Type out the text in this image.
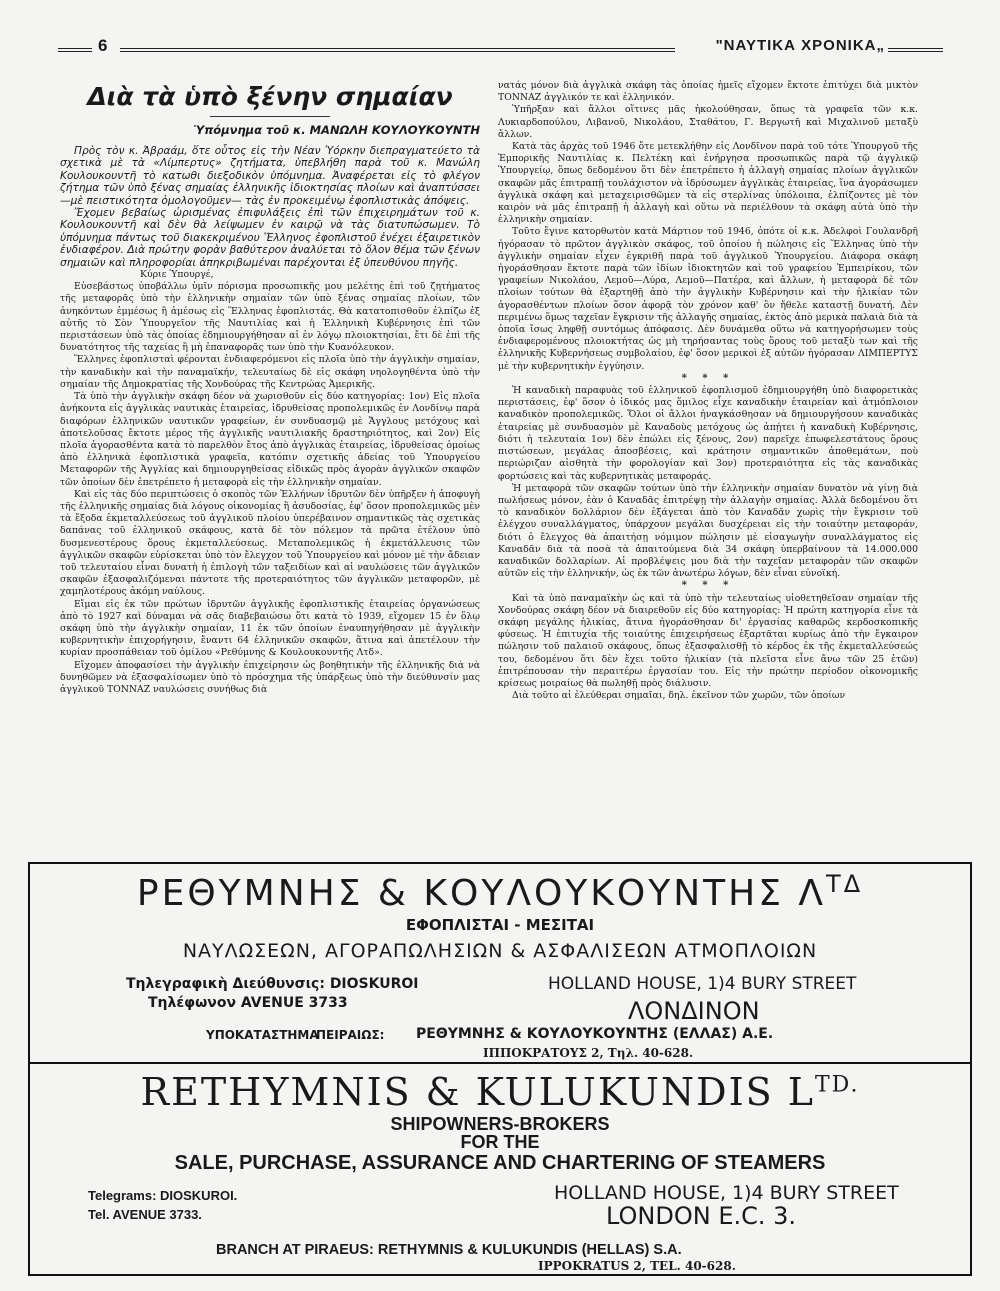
6	"ΝΑΥΤΙΚΑ ΧΡΟΝΙΚΑ„
Διὰ τὰ ὑπὸ ξένην σημαίαν
Ὑπόμνημα τοῦ κ. ΜΑΝΩΛΗ ΚΟΥΛΟΥΚΟΥΝΤΗ

Πρὸς τὸν κ. Ἀβραάμ, ὅτε οὗτος εἰς τὴν Νέαν Ὑόρκην διεπραγματεύετο τὰ σχετικὰ μὲ τὰ «Λίμπερτυς» ζητήματα, ὑπεβλήθη παρὰ τοῦ κ. Μανώλη Κουλουκουντῆ τὸ κατωθι διεξοδικὸν ὑπόμνημα. Ἀναφέρεται εἰς τὸ φλέγον ζήτημα τῶν ὑπὸ ξένας σημαίας ἑλληνικῆς ἰδιοκτησίας πλοίων καὶ ἀναπτύσσει —μὲ πειστικότητα ὁμολογοῦμεν— τὰς ἐν προκειμένῳ ἐφοπλιστικὰς ἀπόψεις.

Ἔχομεν βεβαίως ὡρισμένας ἐπιφυλάξεις ἐπὶ τῶν ἐπιχειρημάτων τοῦ κ. Κουλουκουντῆ καὶ δὲν θὰ λείψωμεν ἐν καιρῷ νὰ τὰς διατυπώσωμεν. Τὸ ὑπόμνημα πάντως τοῦ διακεκριμένου Ἕλληνος ἐφοπλιστοῦ ἐνέχει ἐξαιρετικὸν ἐνδιαφέρον. Διὰ πρώτην φορὰν βαθύτερον ἀναλύεται τὸ ὅλον θέμα τῶν ξένων σημαιῶν καὶ πληροφορίαι ἀπηκριβωμέναι παρέχονται ἐξ ὑπευθύνου πηγῆς.

Κύριε Ὑπουργέ,

Εὐσεβάστως ὑποβάλλω ὑμῖν πόρισμα προσωπικῆς μου μελέτης ἐπὶ τοῦ ζητήματος τῆς μεταφορᾶς ὑπὸ τὴν ἑλληνικὴν σημαίαν τῶν ὑπὸ ξένας σημαίας πλοίων, τῶν ἀνηκόντων ἐμμέσως ἢ ἀμέσως εἰς Ἕλληνας ἐφοπλιστάς. Θὰ κατατοπισθοῦν ἐλπίζω ἐξ αὐτῆς τὸ Σὸν Ὑπουργεῖον τῆς Ναυτιλίας καὶ ἡ Ἑλληνικὴ Κυβέρνησις ἐπὶ τῶν περιστάσεων ὑπὸ τὰς ὁποίας ἐδημιουργήθησαν αἱ ἐν λόγῳ πλοιοκτησίαι, ἔτι δὲ ἐπὶ τῆς δυνατότητος τῆς ταχείας ἢ μὴ ἐπαναφορᾶς των ὑπὸ τὴν Κυανόλευκον.

Ἕλληνες ἐφοπλισταὶ φέρονται ἐνδιαφερόμενοι εἰς πλοῖα ὑπὸ τὴν ἀγγλικὴν σημαίαν, τὴν καναδικὴν καὶ τὴν παναμαϊκήν, τελευταίως δὲ εἰς σκάφη νηολογηθέντα ὑπὸ τὴν σημαίαν τῆς Δημοκρατίας τῆς Χονδούρας τῆς Κεντρώας Ἀμερικῆς.

Τὰ ὑπὸ τὴν ἀγγλικὴν σκάφη δέον νὰ χωρισθοῦν εἰς δύο κατηγορίας: 1ον) Εἰς πλοῖα ἀνήκοντα εἰς ἀγγλικὰς ναυτικὰς ἑταιρείας, ἱδρυθείσας προπολεμικῶς ἐν Λονδίνῳ παρὰ διαφόρων ἑλληνικῶν ναυτικῶν γραφείων, ἐν συνδυασμῷ μὲ Ἄγγλους μετόχους καὶ ἀποτελοῦσας ἔκτοτε μέρος τῆς ἀγγλικῆς ναυτιλιακῆς δραστηριότητος, καὶ 2ον) Εἰς πλοῖα ἀγορασθέντα κατὰ τὸ παρελθὸν ἔτος ἀπὸ ἀγγλικὰς ἑταιρείας, ἱδρυθείσας ὁμοίως ἀπὸ ἑλληνικὰ ἐφοπλιστικὰ γραφεῖα, κατόπιν σχετικῆς ἀδείας τοῦ Ὑπουργείου Μεταφορῶν τῆς Ἀγγλίας καὶ δημιουργηθείσας εἰδικῶς πρὸς ἀγορὰν ἀγγλικῶν σκαφῶν τῶν ὁποίων δὲν ἐπετρέπετο ἡ μεταφορὰ εἰς τὴν ἑλληνικὴν σημαίαν.

Καὶ εἰς τὰς δύο περιπτώσεις ὁ σκοπὸς τῶν Ἑλλήνων ἱδρυτῶν δὲν ὑπῆρξεν ἡ ἀποφυγὴ τῆς ἑλληνικῆς σημαίας διὰ λόγους οἰκονομίας ἢ ἀσυδοσίας, ἐφ' ὅσον προπολεμικῶς μὲν τὰ ἔξοδα ἐκμεταλλεύσεως τοῦ ἀγγλικοῦ πλοίου ὑπερέβαινον σημαντικῶς τὰς σχετικὰς δαπάνας τοῦ ἑλληνικοῦ σκάφους, κατὰ δὲ τὸν πόλεμον τὰ πρῶτα ἐτέλουν ὑπὸ δυσμενεστέρους ὅρους ἐκμεταλλεύσεως. Μεταπολεμικῶς ἡ ἐκμετάλλευσις τῶν ἀγγλικῶν σκαφῶν εὑρίσκεται ὑπὸ τὸν ἔλεγχον τοῦ Ὑπουργείου καὶ μόνον μὲ τὴν ἄδειαν τοῦ τελευταίου εἶναι δυνατὴ ἡ ἐπιλογὴ τῶν ταξειδίων καὶ αἱ ναυλώσεις τῶν ἀγγλικῶν σκαφῶν ἐξασφαλιζόμεναι πάντοτε τῆς προτεραιότητος τῶν ἀγγλικῶν μεταφορῶν, μὲ χαμηλοτέρους ἀκόμη ναύλους.

Εἴμαι εἰς ἐκ τῶν πρώτων ἱδρυτῶν ἀγγλικῆς ἐφοπλιστικῆς ἑταιρείας ὀργανώσεως ἀπὸ τὸ 1927 καὶ δύναμαι νὰ σᾶς διαβεβαιώσω ὅτι κατὰ τὸ 1939, εἴχομεν 15 ἐν ὅλῳ σκάφη ὑπὸ τὴν ἀγγλικὴν σημαίαν, 11 ἐκ τῶν ὁποίων ἐναυπηγήθησαν μὲ ἀγγλικὴν κυβερνητικὴν ἐπιχορήγησιν, ἔναντι 64 ἑλληνικῶν σκαφῶν, ἅτινα καὶ ἀπετέλουν τὴν κυρίαν προσπάθειαν τοῦ ὁμίλου «Ρεθύμνης & Κουλουκουντῆς Λτδ».

Εἴχομεν ἀποφασίσει τὴν ἀγγλικὴν ἐπιχείρησιν ὡς βοηθητικὴν τῆς ἑλληνικῆς διὰ νὰ δυνηθῶμεν νὰ ἐξασφαλίσωμεν ὑπὸ τὸ πρόσχημα τῆς ὑπάρξεως ὑπὸ τὴν διεύθυνσίν μας ἀγγλικοῦ ΤΟΝΝΑΖ ναυλώσεις συνήθως διὰ

νατάς μόνον διὰ ἀγγλικὰ σκάφη τὰς ὁποίας ἡμεῖς εἴχομεν ἔκτοτε ἐπιτύχει διὰ μικτὸν ΤΟΝΝΑΖ ἀγγλικόν τε καὶ ἑλληνικόν.

Ὑπῆρξαν καὶ ἄλλοι οἵτινες μᾶς ἠκολούθησαν, ὅπως τὰ γραφεῖα τῶν κ.κ. Λυκιαρδοπούλου, Λιβανοῦ, Νικολάου, Σταθάτου, Γ. Βεργωτῆ καὶ Μιχαλινοῦ μεταξὺ ἄλλων.

Κατὰ τὰς ἀρχὰς τοῦ 1946 ὅτε μετεκλήθην εἰς Λονδῖνον παρὰ τοῦ τότε Ὑπουργοῦ τῆς Ἐμπορικῆς Ναυτιλίας κ. Πελτέκη καὶ ἐνήργησα προσωπικῶς παρὰ τῷ ἀγγλικῷ Ὑπουργείῳ, ὅπως δεδομένου ὅτι δὲν ἐπετρέπετο ἡ ἀλλαγὴ σημαίας πλοίων ἀγγλικῶν σκαφῶν μᾶς ἐπιτραπῇ τουλάχιστον νὰ ἱδρύσωμεν ἀγγλικὰς ἑταιρείας, ἵνα ἀγοράσωμεν ἀγγλικὰ σκάφη καὶ μεταχειρισθῶμεν τὰ εἰς στερλίνας ὑπόλοιπα, ἐλπίζοντες μὲ τὸν καιρὸν νὰ μᾶς ἐπιτραπῇ ἡ ἀλλαγὴ καὶ οὕτω νὰ περιέλθουν τὰ σκάφη αὐτὰ ὑπὸ τὴν ἑλληνικὴν σημαίαν.

Τοῦτο ἔγινε κατορθωτὸν κατὰ Μάρτιον τοῦ 1946, ὁπότε οἱ κ.κ. Ἀδελφοὶ Γουλανδρῆ ἠγόρασαν τὸ πρῶτον ἀγγλικὸν σκάφος, τοῦ ὁποίου ἡ πώλησις εἰς Ἕλληνας ὑπὸ τὴν ἀγγλικὴν σημαίαν εἶχεν ἐγκριθῆ παρὰ τοῦ ἀγγλικοῦ Ὑπουργείου. Διάφορα σκάφη ἠγοράσθησαν ἔκτοτε παρὰ τῶν ἰδίων ἰδιοκτητῶν καὶ τοῦ γραφείου Ἐμπειρίκου, τῶν γραφείων Νικολάου, Λεμοῦ—Λύρα, Λεμοῦ—Πατέρα, καὶ ἄλλων, ἡ μεταφορὰ δὲ τῶν πλοίων τούτων θὰ ἐξαρτηθῇ ἀπὸ τὴν ἀγγλικὴν Κυβέρνησιν καὶ τὴν ἡλικίαν τῶν ἀγορασθέντων πλοίων ὅσον ἀφορᾷ τὸν χρόνον καθ' ὃν ἤθελε καταστῇ δυνατή. Δὲν περιμένω ὅμως ταχεῖαν ἔγκρισιν τῆς ἀλλαγῆς σημαίας, ἐκτὸς ἀπὸ μερικὰ παλαιὰ διὰ τὰ ὁποῖα ἴσως ληφθῇ συντόμως ἀπόφασις. Δὲν δυνάμεθα οὕτω νὰ κατηγορήσωμεν τοὺς ἐνδιαφερομένους πλοιοκτήτας ὡς μὴ τηρήσαντας τοὺς ὅρους τοῦ μεταξὺ των καὶ τῆς ἑλληνικῆς Κυβερνήσεως συμβολαίου, ἐφ' ὅσον μερικοὶ ἐξ αὐτῶν ἠγόρασαν ΛΙΜΠΕΡΤΥΣ μὲ τὴν κυβερνητικὴν ἐγγύησιν.

* * *

Ἡ καναδικὴ παραφυὰς τοῦ ἑλληνικοῦ ἐφοπλισμοῦ ἐδημιουργήθη ὑπὸ διαφορετικὰς περιστάσεις, ἐφ' ὅσον ὁ ἰδικός μας ὅμιλος εἶχε καναδικὴν ἑταιρείαν καὶ ἀτμόπλοιον καναδικὸν προπολεμικῶς. Ὅλοι οἱ ἄλλοι ἠναγκάσθησαν νὰ δημιουργήσουν καναδικὰς ἑταιρείας μὲ συνδυασμὸν μὲ Καναδοὺς μετόχους ὡς ἀπῄτει ἡ καναδικὴ Κυβέρνησις, διότι ἡ τελευταία 1ον) δὲν ἐπώλει εἰς ξένους, 2ον) παρεῖχε ἐπωφελεστάτους ὅρους πιστώσεων, μεγάλας ἀποσβέσεις, καὶ κράτησιν σημαντικῶν ἀποθεμάτων, ποὺ περιώριζαν αἰσθητὰ τὴν φορολογίαν καὶ 3ον) προτεραιότητα εἰς τὰς καναδικὰς φορτώσεις καὶ τὰς κυβερνητικὰς μεταφοράς.

Ἡ μεταφορὰ τῶν σκαφῶν τούτων ὑπὸ τὴν ἑλληνικὴν σημαίαν δυνατὸν νὰ γίνῃ διὰ πωλήσεως μόνον, ἐὰν ὁ Καναδᾶς ἐπιτρέψῃ τὴν ἀλλαγὴν σημαίας. Ἀλλὰ δεδομένου ὅτι τὸ καναδικὸν δολλάριον δὲν ἐξάγεται ἀπὸ τὸν Καναδᾶν χωρὶς τὴν ἔγκρισιν τοῦ ἐλέγχου συναλλάγματος, ὑπάρχουν μεγάλαι δυσχέρειαι εἰς τὴν τοιαύτην μεταφοράν, διότι ὁ ἔλεγχος θὰ ἀπαιτήσῃ νόμιμον πώλησιν μὲ εἰσαγωγὴν συναλλάγματος εἰς Καναδᾶν διὰ τὰ ποσὰ τὰ ἀπαιτούμενα διὰ 34 σκάφη ὑπερβαίνουν τὰ 14.000.000 καναδικῶν δολλαρίων. Αἱ προβλέψεις μου διὰ τὴν ταχεῖαν μεταφορὰν τῶν σκαφῶν αὐτῶν εἰς τὴν ἑλληνικήν, ὡς ἐκ τῶν ἀνωτέρω λόγων, δὲν εἶναι εὐνοϊκή.

* * *

Καὶ τὰ ὑπὸ παναμαϊκὴν ὡς καὶ τὰ ὑπὸ τὴν τελευταίως υἱοθετηθεῖσαν σημαίαν τῆς Χονδούρας σκάφη δέον νὰ διαιρεθοῦν εἰς δύο κατηγορίας: Ἡ πρώτη κατηγορία εἶνε τὰ σκάφη μεγάλης ἡλικίας, ἅτινα ἠγοράσθησαν δι' ἐργασίας καθαρῶς κερδοσκοπικῆς φύσεως. Ἡ ἐπιτυχία τῆς τοιαύτης ἐπιχειρήσεως ἐξαρτᾶται κυρίως ἀπὸ τὴν ἔγκαιρον πώλησιν τοῦ παλαιοῦ σκάφους, ὅπως ἐξασφαλισθῇ τὸ κέρδος ἐκ τῆς ἐκμεταλλεύσεώς του, δεδομένου ὅτι δὲν ἔχει τοῦτο ἡλικίαν (τὰ πλεῖστα εἶνε ἄνω τῶν 25 ἐτῶν) ἐπιτρέπουσαν τὴν περαιτέρω ἐργασίαν του. Εἰς τὴν πρώτην περίοδον οἰκονομικῆς κρίσεως μοιραίως θὰ πωληθῇ πρὸς διάλυσιν.

Διὰ τοῦτο αἱ ἐλεύθεραι σημαῖαι, δηλ. ἐκεῖνον τῶν χωρῶν, τῶν ὁποίων

ΡΕΘΥΜΝΗΣ & ΚΟΥΛΟΥΚΟΥΝΤΗΣ $\Lambda^{T\Delta}$
ΕΦΟΠΛΙΣΤΑΙ - ΜΕΣΙΤΑΙ
ΝΑΥΛΩΣΕΩΝ, ΑΓΟΡΑΠΩΛΗΣΙΩΝ & ΑΣΦΑΛΙΣΕΩΝ ΑΤΜΟΠΛΟΙΩΝ
Τηλεγραφικὴ Διεύθυνσις: DIOSKUROI	HOLLAND HOUSE, 1)4 BURY STREET
Τηλέφωνον AVENUE 3733	ΛΟΝΔΙΝΟΝ
ΥΠΟΚΑΤΑΣΤΗΜΑ
ΠΕΙΡΑΙΩΣ: ΡΕΘΥΜΝΗΣ & ΚΟΥΛΟΥΚΟΥΝΤΗΣ (ΕΛΛΑΣ) Α.Ε.
ΙΠΠΟΚΡΑΤΟΥΣ 2, Τηλ. 40-628.
RETHYMNIS & KULUKUNDIS $L^{TD.}$
SHIPOWNERS-BROKERS
FOR THE
SALE, PURCHASE, ASSURANCE AND CHARTERING OF STEAMERS
Telegrams: DIOSKUROI.	HOLLAND HOUSE, 1)4 BURY STREET
Tel. AVENUE 3733.	LONDON E.C. 3.
BRANCH AT PIRAEUS: RETHYMNIS & KULUKUNDIS (HELLAS) S.A.
IPPOKRATUS 2, TEL. 40-628.
